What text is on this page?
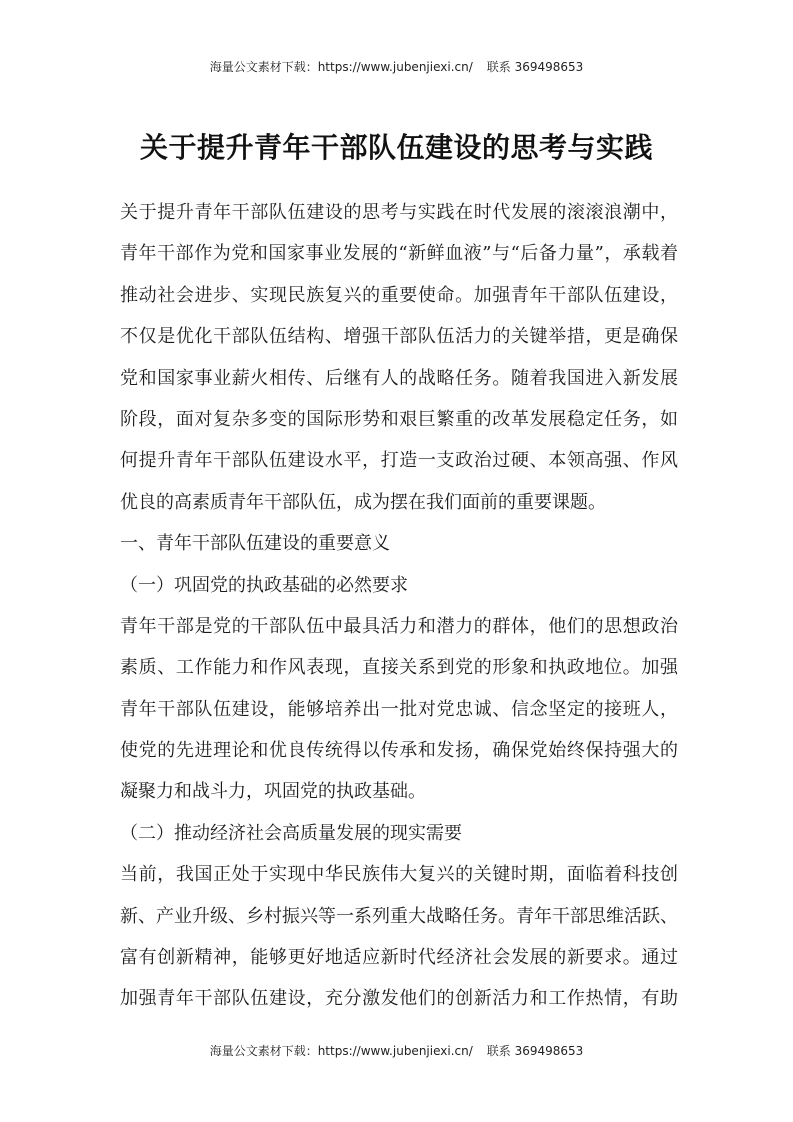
海量公文素材下载：https://www.jubenjiexi.cn/ 联系 369498653
关于提升青年干部队伍建设的思考与实践
关于提升青年干部队伍建设的思考与实践在时代发展的滚滚浪潮中，
青年干部作为党和国家事业发展的“新鲜血液”与“后备力量”，承载着
推动社会进步、实现民族复兴的重要使命。加强青年干部队伍建设，
不仅是优化干部队伍结构、增强干部队伍活力的关键举措，更是确保
党和国家事业薪火相传、后继有人的战略任务。随着我国进入新发展
阶段，面对复杂多变的国际形势和艰巨繁重的改革发展稳定任务，如
何提升青年干部队伍建设水平，打造一支政治过硬、本领高强、作风
优良的高素质青年干部队伍，成为摆在我们面前的重要课题。
一、青年干部队伍建设的重要意义
（一）巩固党的执政基础的必然要求
青年干部是党的干部队伍中最具活力和潜力的群体，他们的思想政治
素质、工作能力和作风表现，直接关系到党的形象和执政地位。加强
青年干部队伍建设，能够培养出一批对党忠诚、信念坚定的接班人，
使党的先进理论和优良传统得以传承和发扬，确保党始终保持强大的
凝聚力和战斗力，巩固党的执政基础。
（二）推动经济社会高质量发展的现实需要
当前，我国正处于实现中华民族伟大复兴的关键时期，面临着科技创
新、产业升级、乡村振兴等一系列重大战略任务。青年干部思维活跃、
富有创新精神，能够更好地适应新时代经济社会发展的新要求。通过
加强青年干部队伍建设，充分激发他们的创新活力和工作热情，有助
海量公文素材下载：https://www.jubenjiexi.cn/ 联系 369498653
